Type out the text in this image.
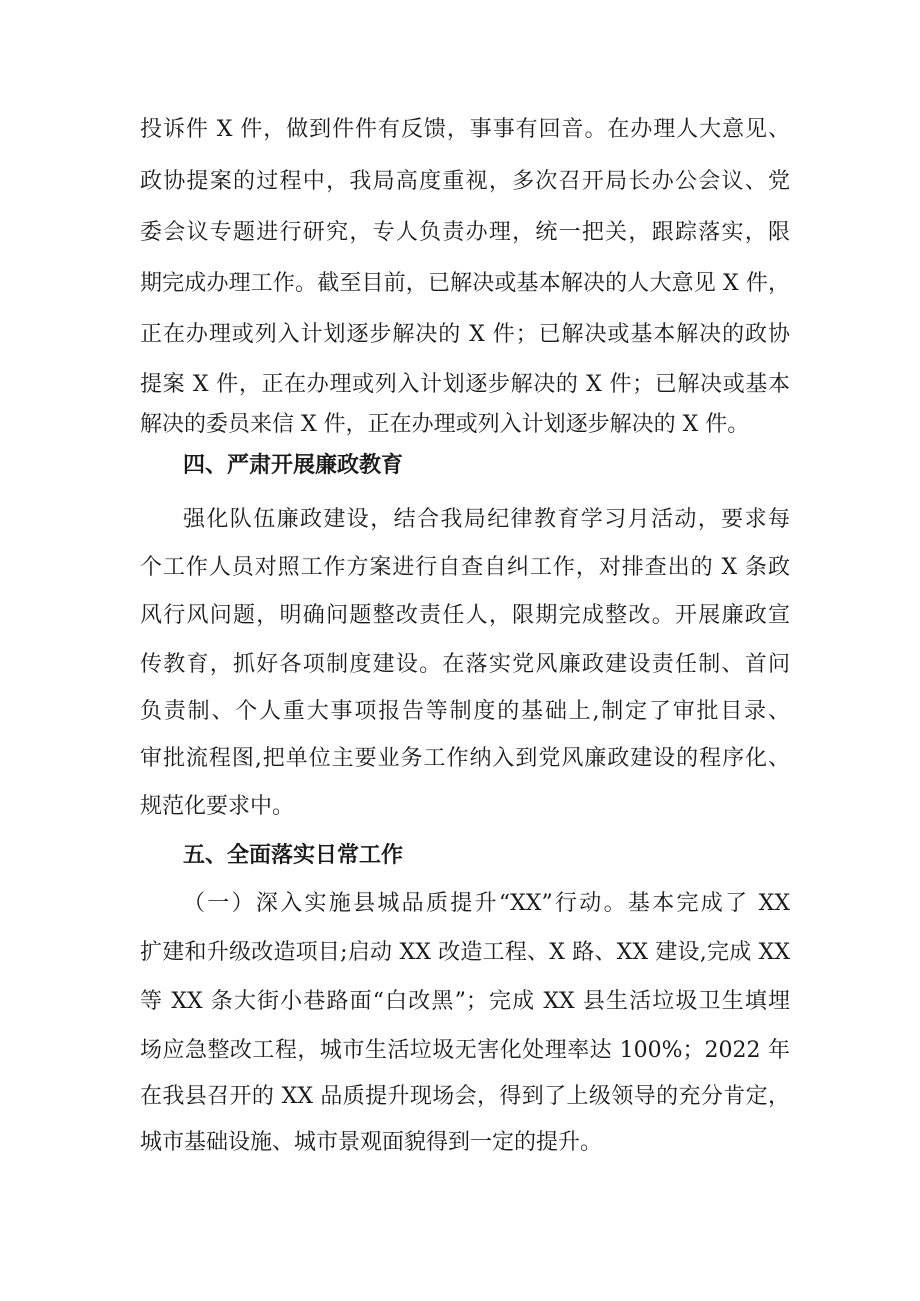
投诉件 X 件，做到件件有反馈，事事有回音。在办理人大意见、
政协提案的过程中，我局高度重视，多次召开局长办公会议、党
委会议专题进行研究，专人负责办理，统一把关，跟踪落实，限
期完成办理工作。截至目前，已解决或基本解决的人大意见 X 件，
正在办理或列入计划逐步解决的 X 件；已解决或基本解决的政协
提案 X 件，正在办理或列入计划逐步解决的 X 件；已解决或基本
解决的委员来信 X 件，正在办理或列入计划逐步解决的 X 件。
四、严肃开展廉政教育
强化队伍廉政建设，结合我局纪律教育学习月活动，要求每
个工作人员对照工作方案进行自查自纠工作，对排查出的 X 条政
风行风问题，明确问题整改责任人，限期完成整改。开展廉政宣
传教育，抓好各项制度建设。在落实党风廉政建设责任制、首问
负责制、个人重大事项报告等制度的基础上,制定了审批目录、
审批流程图,把单位主要业务工作纳入到党风廉政建设的程序化、
规范化要求中。
五、全面落实日常工作
（一）深入实施县城品质提升“XX”行动。基本完成了 XX
扩建和升级改造项目;启动 XX 改造工程、X 路、XX 建设,完成 XX
等 XX 条大街小巷路面“白改黑”；完成 XX 县生活垃圾卫生填埋
场应急整改工程，城市生活垃圾无害化处理率达 100%；2022 年
在我县召开的 XX 品质提升现场会，得到了上级领导的充分肯定，
城市基础设施、城市景观面貌得到一定的提升。
